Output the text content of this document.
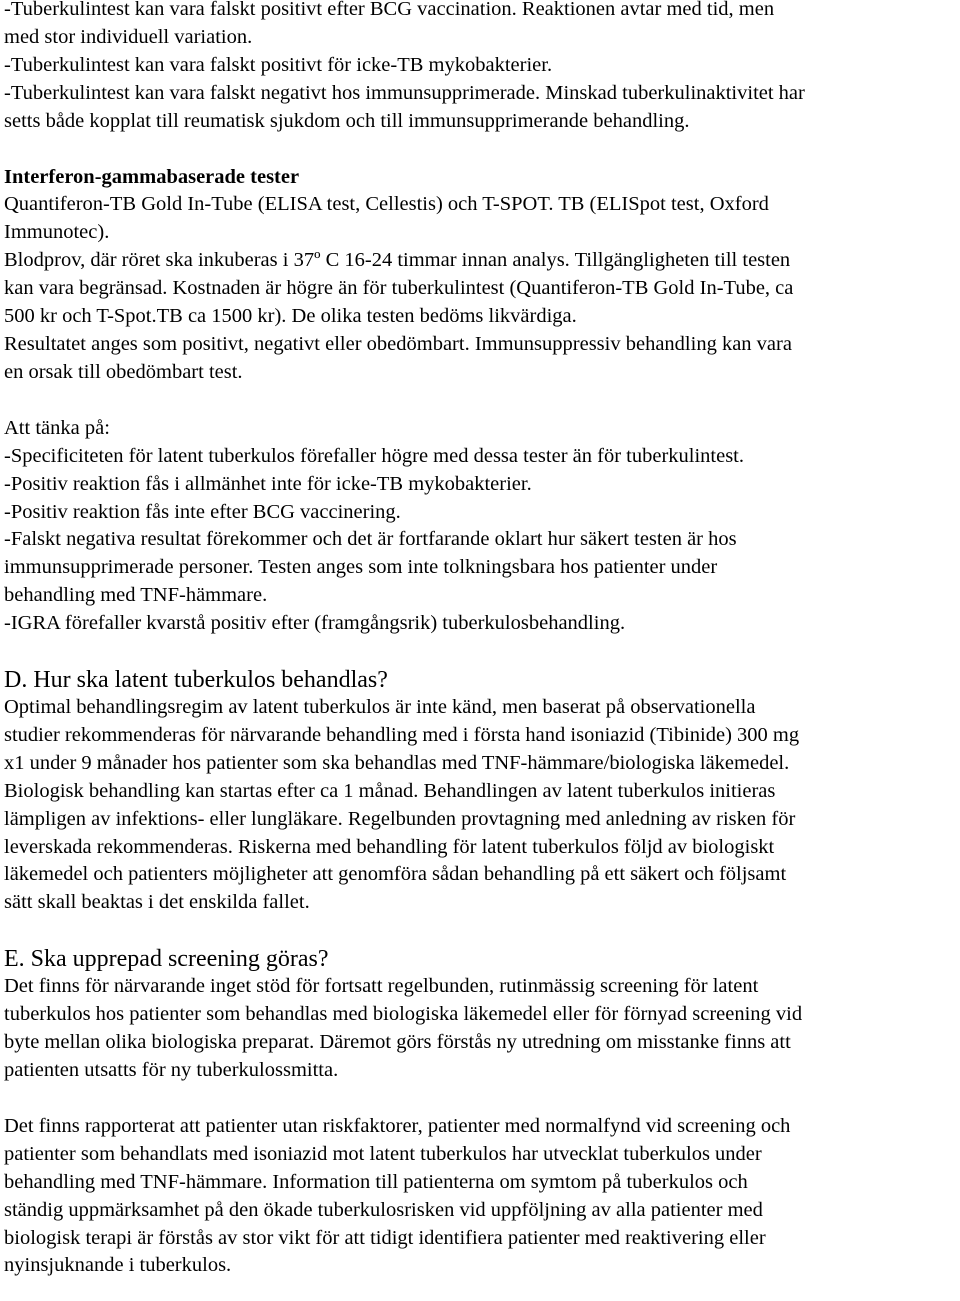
-Tuberkulintest kan vara falskt positivt efter BCG vaccination. Reaktionen avtar med tid, men
med stor individuell variation.
-Tuberkulintest kan vara falskt positivt för icke-TB mykobakterier.
-Tuberkulintest kan vara falskt negativt hos immunsupprimerade. Minskad tuberkulinaktivitet har
setts både kopplat till reumatisk sjukdom och till immunsupprimerande behandling.

Interferon-gammabaserade tester

Quantiferon-TB Gold In-Tube (ELISA test, Cellestis) och T-SPOT. TB (ELISpot test, Oxford
Immunotec).
Blodprov, där röret ska inkuberas i 37º C 16-24 timmar innan analys. Tillgängligheten till testen
kan vara begränsad. Kostnaden är högre än för tuberkulintest (Quantiferon-TB Gold In-Tube, ca
500 kr och T-Spot.TB ca 1500 kr). De olika testen bedöms likvärdiga.
Resultatet anges som positivt, negativt eller obedömbart. Immunsuppressiv behandling kan vara
en orsak till obedömbart test.

Att tänka på:

-Specificiteten för latent tuberkulos förefaller högre med dessa tester än för tuberkulintest.
-Positiv reaktion fås i allmänhet inte för icke-TB mykobakterier.
-Positiv reaktion fås inte efter BCG vaccinering.
-Falskt negativa resultat förekommer och det är fortfarande oklart hur säkert testen är hos
immunsupprimerade personer. Testen anges som inte tolkningsbara hos patienter under
behandling med TNF-hämmare.
-IGRA förefaller kvarstå positiv efter (framgångsrik) tuberkulosbehandling.

D. Hur ska latent tuberkulos behandlas?

Optimal behandlingsregim av latent tuberkulos är inte känd, men baserat på observationella
studier rekommenderas för närvarande behandling med i första hand isoniazid (Tibinide) 300 mg
x1 under 9 månader hos patienter som ska behandlas med TNF-hämmare/biologiska läkemedel.
Biologisk behandling kan startas efter ca 1 månad. Behandlingen av latent tuberkulos initieras
lämpligen av infektions- eller lungläkare. Regelbunden provtagning med anledning av risken för
leverskada rekommenderas. Riskerna med behandling för latent tuberkulos följd av biologiskt
läkemedel och patienters möjligheter att genomföra sådan behandling på ett säkert och följsamt
sätt skall beaktas i det enskilda fallet.

E. Ska upprepad screening göras?

Det finns för närvarande inget stöd för fortsatt regelbunden, rutinmässig screening för latent
tuberkulos hos patienter som behandlas med biologiska läkemedel eller för förnyad screening vid
byte mellan olika biologiska preparat. Däremot görs förstås ny utredning om misstanke finns att
patienten utsatts för ny tuberkulossmitta.

Det finns rapporterat att patienter utan riskfaktorer, patienter med normalfynd vid screening och
patienter som behandlats med isoniazid mot latent tuberkulos har utvecklat tuberkulos under
behandling med TNF-hämmare. Information till patienterna om symtom på tuberkulos och
ständig uppmärksamhet på den ökade tuberkulosrisken vid uppföljning av alla patienter med
biologisk terapi är förstås av stor vikt för att tidigt identifiera patienter med reaktivering eller
nyinsjuknande i tuberkulos.
